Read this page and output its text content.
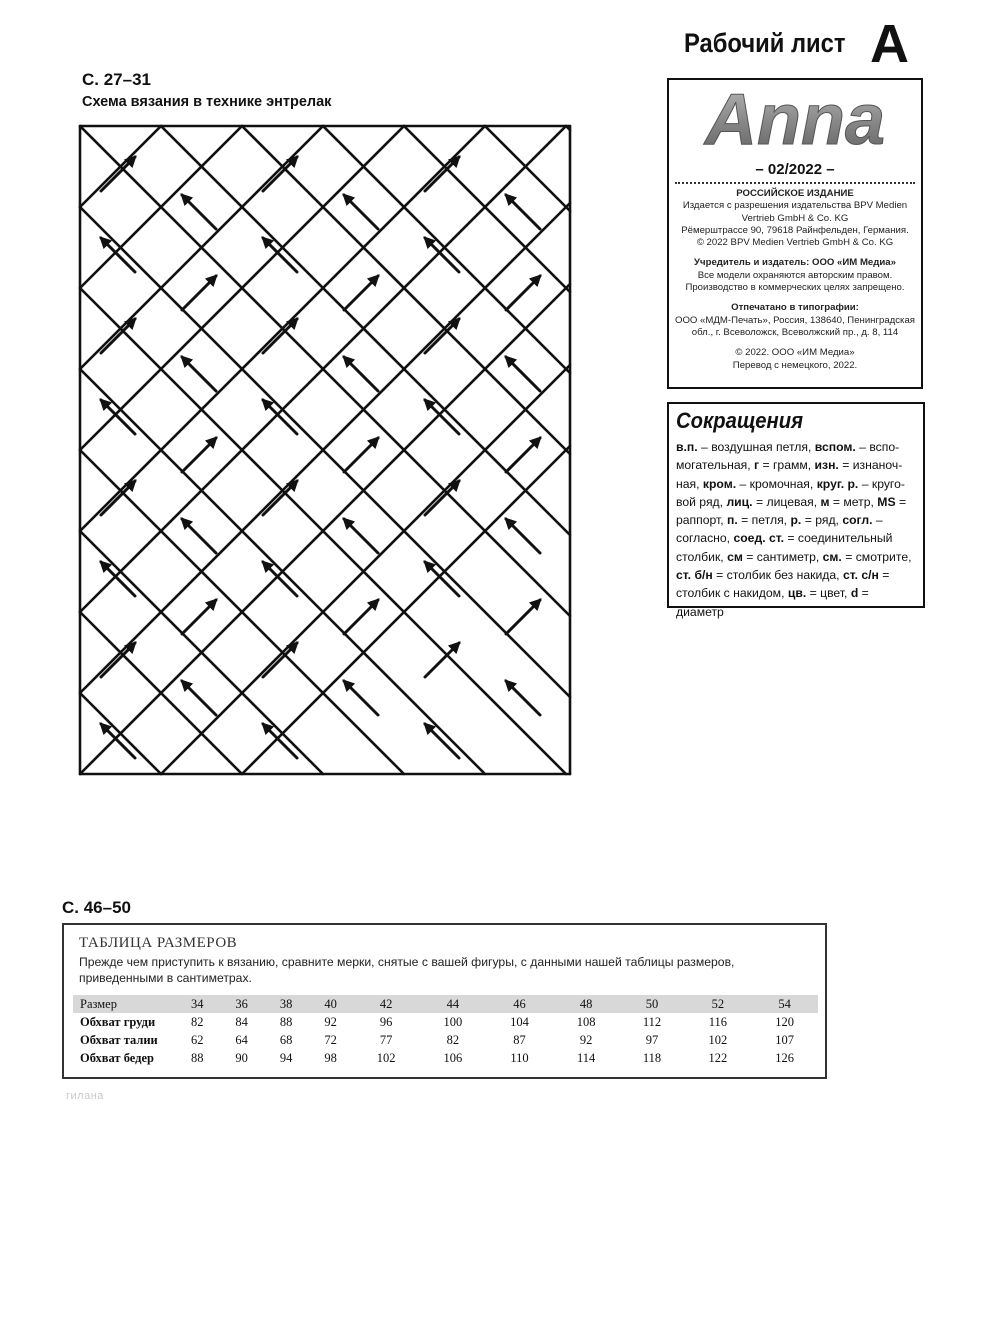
Рабочий лист A
Anna
– 02/2022 –
РОССИЙСКОЕ ИЗДАНИЕ
Издается с разрешения издательства BPV Medien
Vertrieb GmbH & Co. KG
Рёмерштрассе 90, 79618 Райнфельден, Германия.
© 2022 BPV Medien Vertrieb GmbH & Co. KG
Учредитель и издатель: ООО «ИМ Медиа»
Все модели охраняются авторским правом.
Производство в коммерческих целях запрещено.
Отпечатано в типографии:
ООО «МДМ-Печать», Россия, 138640, Пенинградская
обл., г. Всеволожск, Всеволжский пр., д. 8, 114
© 2022. ООО «ИМ Медиа»
Перевод с немецкого, 2022.
Сокращения
в.п. – воздушная петля, вспом. – вспомогательная, г = грамм, изн. = изнаночная, кром. – кромочная, круг. р. – круговой ряд, лиц. = лицевая, м = метр, MS = раппорт, п. = петля, р. = ряд, согл. – согласно, соед. ст. = соединительный столбик, см = сантиметр, см. = смотрите, ст. б/н = столбик без накида, ст. с/н = столбик с накидом, цв. = цвет, d = диаметр
С. 27–31
Схема вязания в технике энтрелак
С. 46–50
ТАБЛИЦА РАЗМЕРОВ
Прежде чем приступить к вязанию, сравните мерки, снятые с вашей фигуры, с данными нашей таблицы размеров, приведенными в сантиметрах.
Размер	34	36	38	40	42	44	46	48	50	52	54
Обхват груди	82	84	88	92	96	100	104	108	112	116	120
Обхват талии	62	64	68	72	77	82	87	92	97	102	107
Обхват бедер	88	90	94	98	102	106	110	114	118	122	126
гилана
